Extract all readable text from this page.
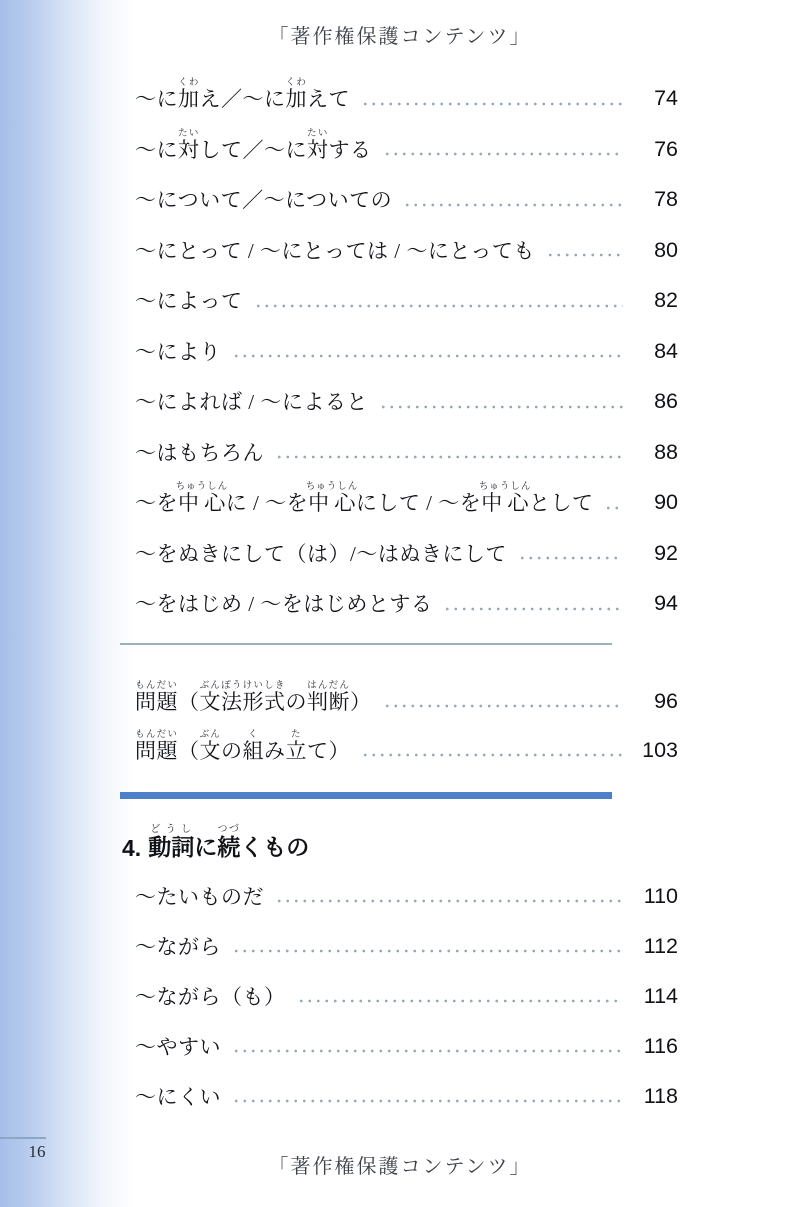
「著作権保護コンテンツ」
～に加くわえ／～に加くわえて	74
～に対たいして／～に対たいする	76
～について／～についての	78
～にとって / ～にとっては / ～にとっても	80
～によって	82
～により	84
～によれば / ～によると	86
～はもちろん	88
～を中心ちゅうしんに / ～を中心ちゅうしんにして / ～を中心ちゅうしんとして	90
～をぬきにして（は）/～はぬきにして	92
～をはじめ / ～をはじめとする	94
問題もんだい（文法ぶんぽう形式けいしきの判断はんだん）	96
問題もんだい（文ぶんの組くみ立たて）	103
4. 動詞どうしに続つづくもの
～たいものだ	110
～ながら	112
～ながら（も）	114
～やすい	116
～にくい	118
16
「著作権保護コンテンツ」
